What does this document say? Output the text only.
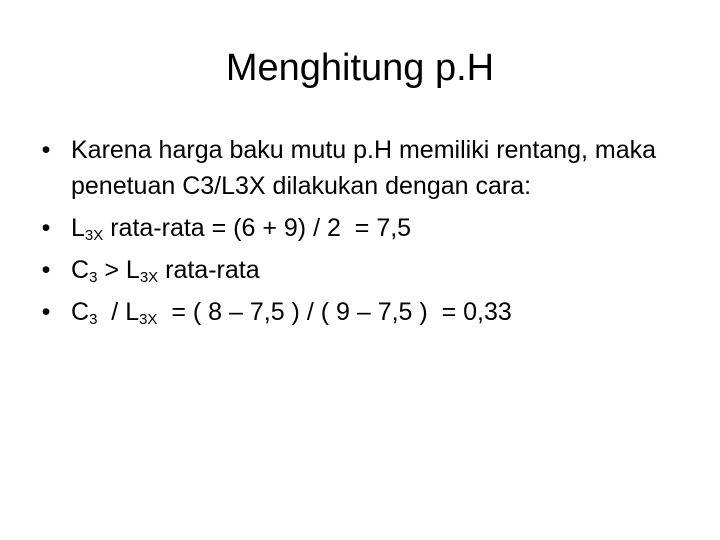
Menghitung p.H
• Karena harga baku mutu p.H memiliki rentang, maka penetuan C3/L3X dilakukan dengan cara:
• $L_{3X}$ rata-rata = (6 + 9) / 2  = 7,5
• $C_3 > L_{3X}$ rata-rata
• $C_3 / L_{3X}$  = ( 8 – 7,5 ) / ( 9 – 7,5 )  = 0,33
